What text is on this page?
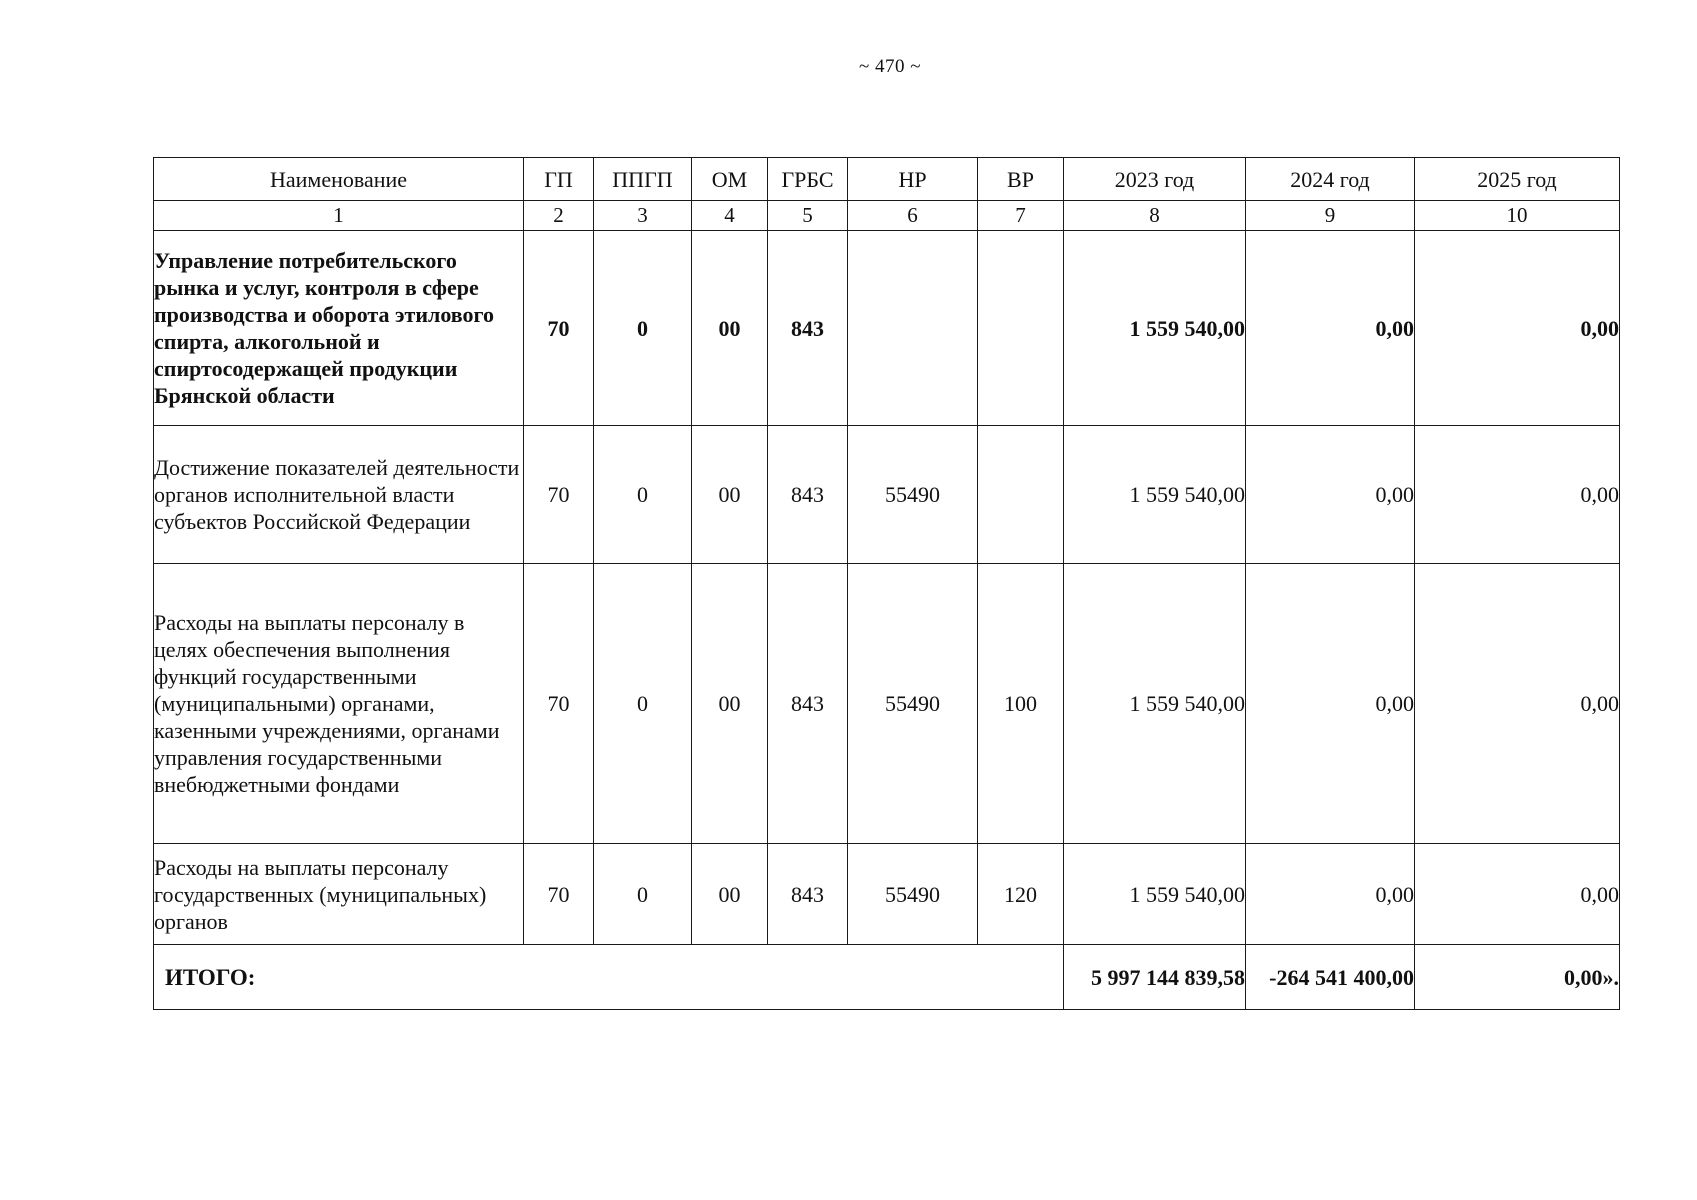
~ 470 ~
Наименование	ГП	ППГП	ОМ	ГРБС	НР	ВР	2023 год	2024 год	2025 год
1	2	3	4	5	6	7	8	9	10
Управление потребительского рынка и услуг, контроля в сфере производства и оборота этилового спирта, алкогольной и спиртосодержащей продукции Брянской области	70	0	00	843			1 559 540,00	0,00	0,00
Достижение показателей деятельности органов исполнительной власти субъектов Российской Федерации	70	0	00	843	55490		1 559 540,00	0,00	0,00
Расходы на выплаты персоналу в целях обеспечения выполнения функций государственными (муниципальными) органами, казенными учреждениями, органами управления государственными внебюджетными фондами	70	0	00	843	55490	100	1 559 540,00	0,00	0,00
Расходы на выплаты персоналу государственных (муниципальных) органов	70	0	00	843	55490	120	1 559 540,00	0,00	0,00
ИТОГО:							5 997 144 839,58	-264 541 400,00	0,00».
